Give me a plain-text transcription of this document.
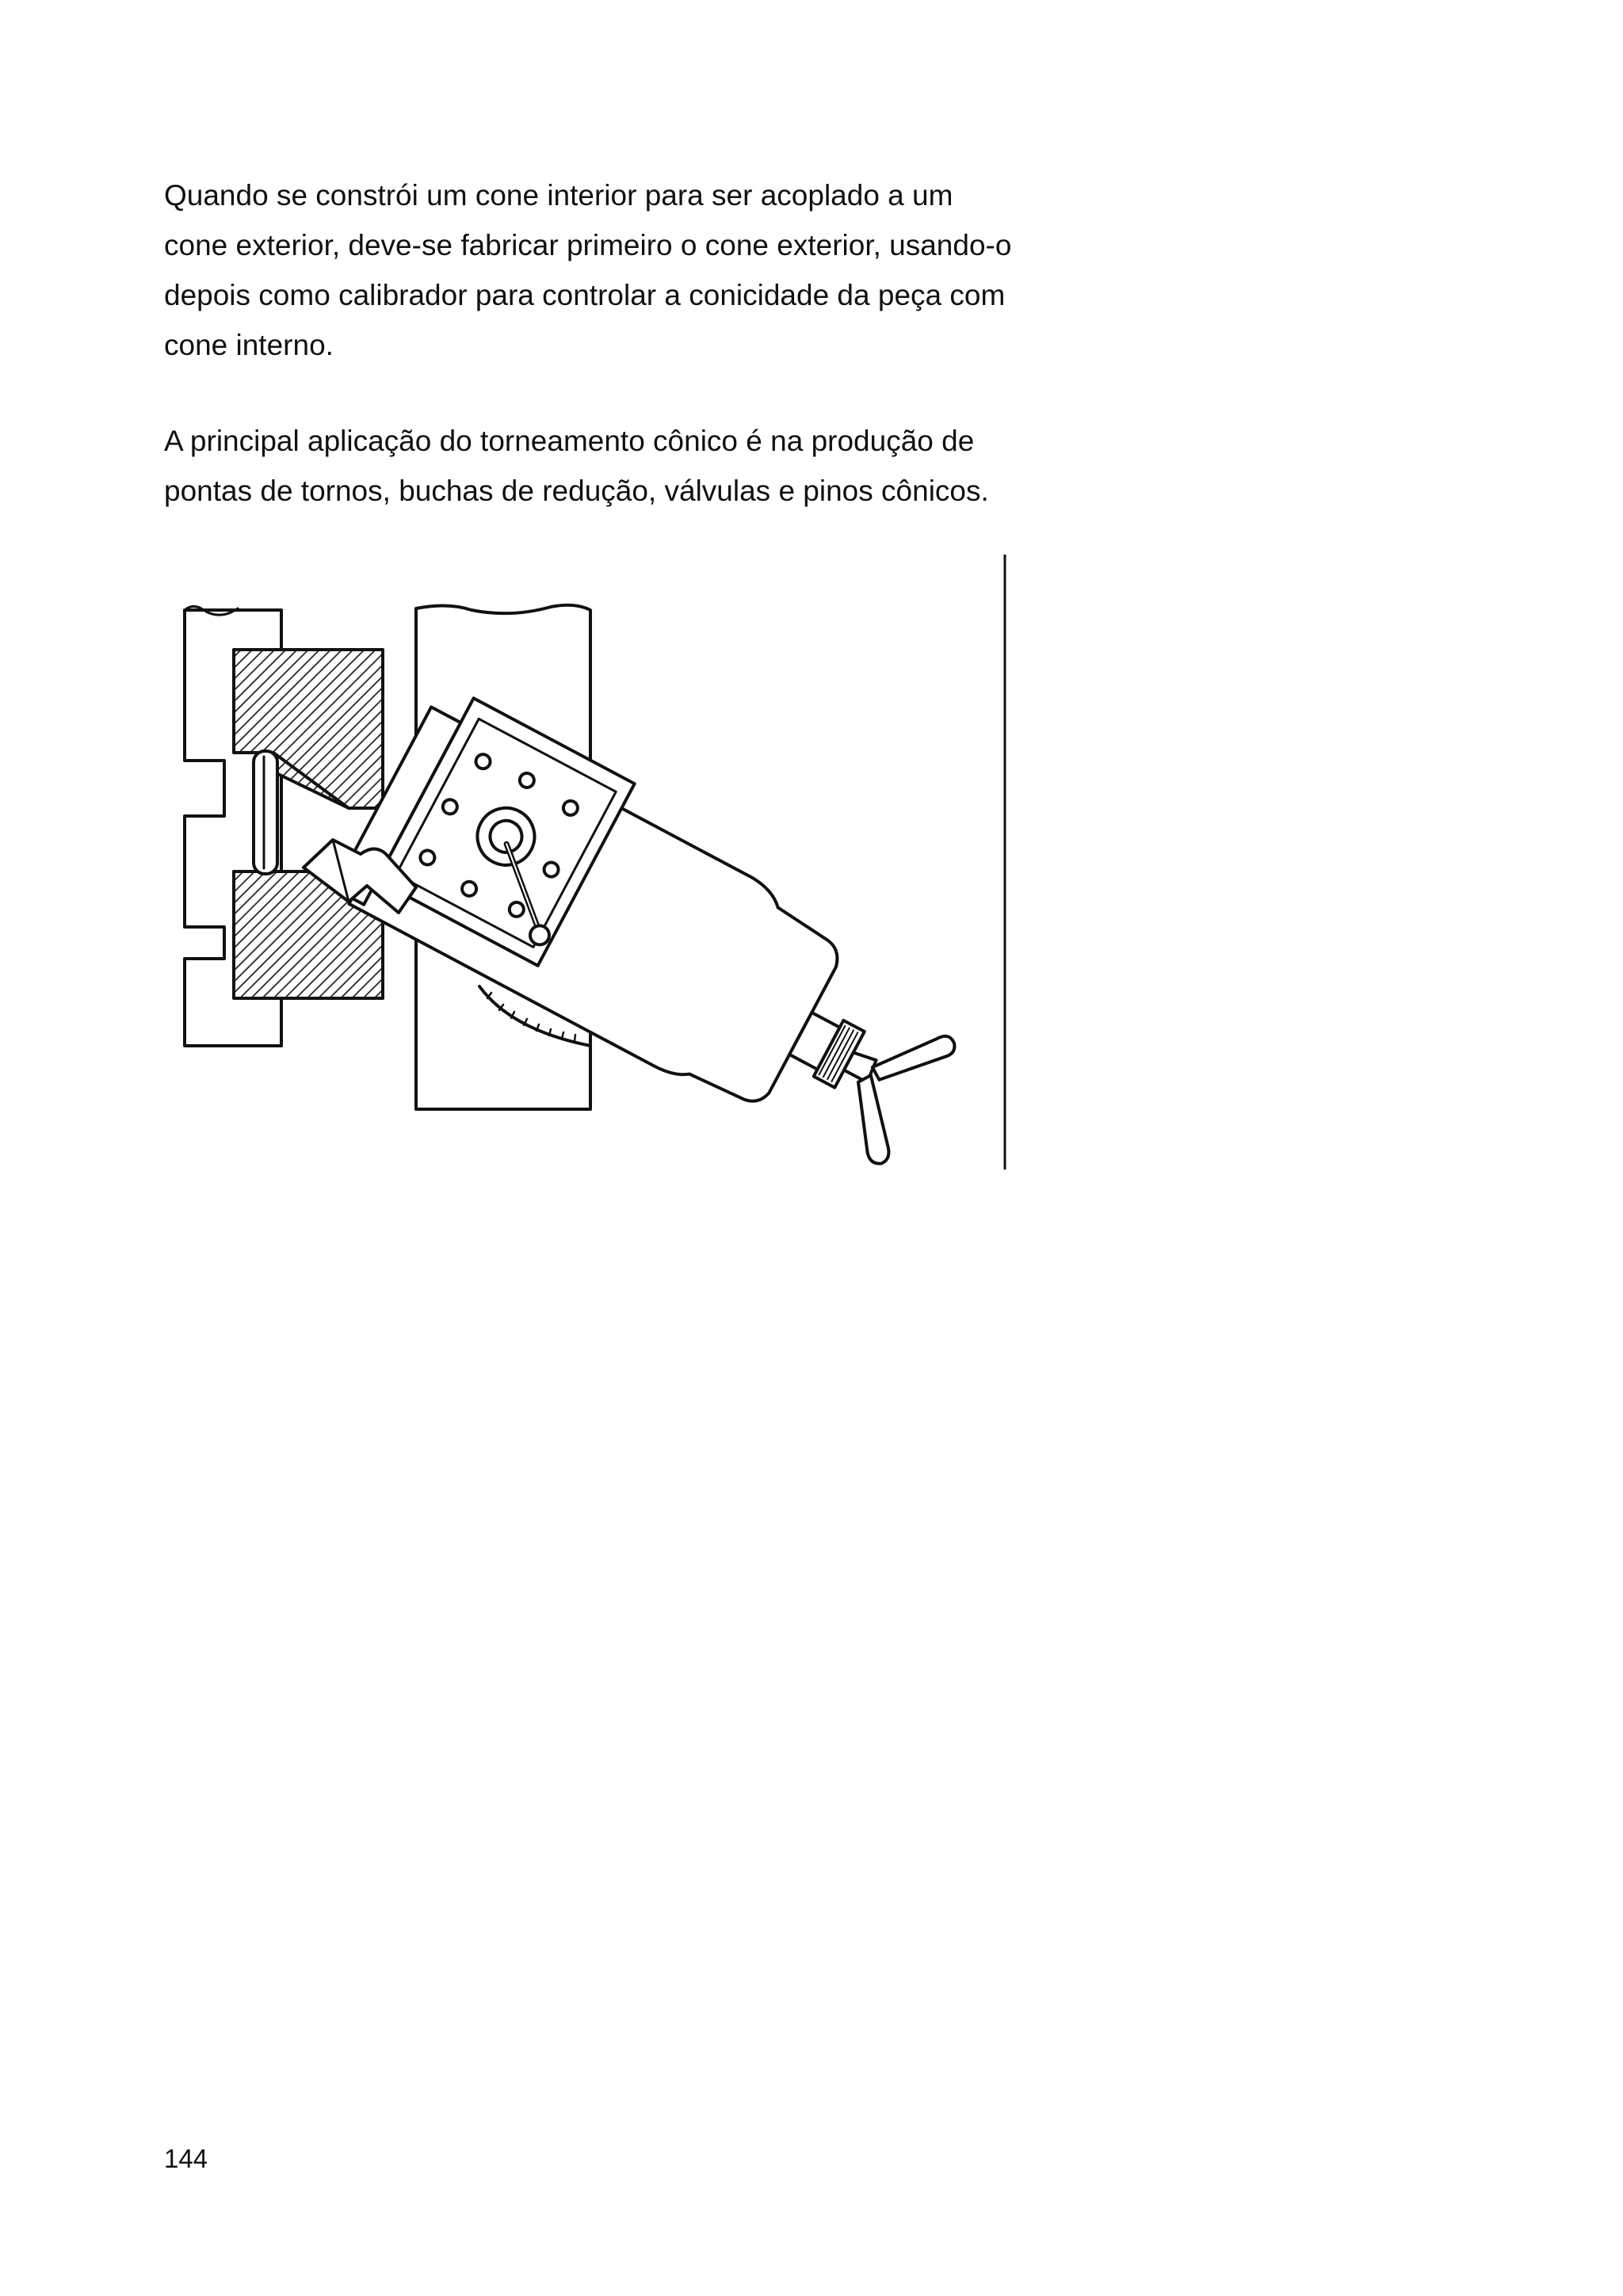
Quando se constrói um cone interior para ser acoplado a um
cone exterior, deve-se fabricar primeiro o cone exterior, usando-o
depois como calibrador para controlar a conicidade da peça com
cone interno.

A principal aplicação do torneamento cônico é na produção de
pontas de tornos, buchas de redução, válvulas e pinos cônicos.

144
